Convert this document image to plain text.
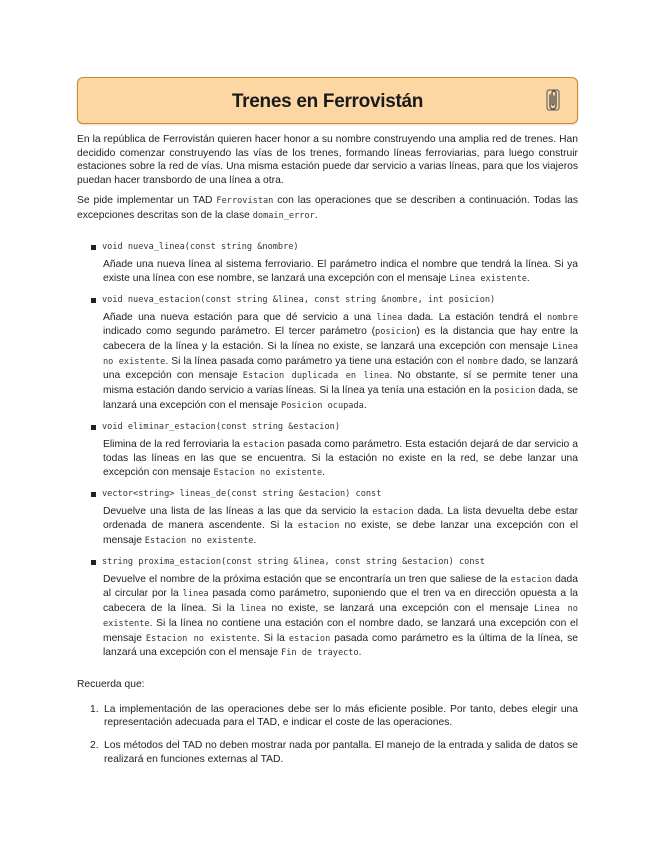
Trenes en Ferrovistán

En la república de Ferrovistán quieren hacer honor a su nombre construyendo una amplia red de trenes. Han decidido comenzar construyendo las vías de los trenes, formando líneas ferroviarias, para luego construir estaciones sobre la red de vías. Una misma estación puede dar servicio a varias líneas, para que los viajeros puedan hacer transbordo de una línea a otra.

Se pide implementar un TAD Ferrovistan con las operaciones que se describen a continuación. Todas las excepciones descritas son de la clase domain_error.

void nueva_linea(const string &nombre)

Añade una nueva línea al sistema ferroviario. El parámetro indica el nombre que tendrá la línea. Si ya existe una línea con ese nombre, se lanzará una excepción con el mensaje Linea existente.

void nueva_estacion(const string &linea, const string &nombre, int posicion)

Añade una nueva estación para que dé servicio a una linea dada. La estación tendrá el nombre indicado como segundo parámetro. El tercer parámetro (posicion) es la distancia que hay entre la cabecera de la línea y la estación. Si la línea no existe, se lanzará una excepción con mensaje Linea no existente. Si la línea pasada como parámetro ya tiene una estación con el nombre dado, se lanzará una excepción con mensaje Estacion duplicada en linea. No obstante, sí se permite tener una misma estación dando servicio a varias líneas. Si la línea ya tenía una estación en la posicion dada, se lanzará una excepción con el mensaje Posicion ocupada.

void eliminar_estacion(const string &estacion)

Elimina de la red ferroviaria la estacion pasada como parámetro. Esta estación dejará de dar servicio a todas las líneas en las que se encuentra. Si la estación no existe en la red, se debe lanzar una excepción con mensaje Estacion no existente.

vector<string> lineas_de(const string &estacion) const

Devuelve una lista de las líneas a las que da servicio la estacion dada. La lista devuelta debe estar ordenada de manera ascendente. Si la estacion no existe, se debe lanzar una excepción con el mensaje Estacion no existente.

string proxima_estacion(const string &linea, const string &estacion) const

Devuelve el nombre de la próxima estación que se encontraría un tren que saliese de la estacion dada al circular por la linea pasada como parámetro, suponiendo que el tren va en dirección opuesta a la cabecera de la línea. Si la linea no existe, se lanzará una excepción con el mensaje Linea no existente. Si la línea no contiene una estación con el nombre dado, se lanzará una excepción con el mensaje Estacion no existente. Si la estacion pasada como parámetro es la última de la línea, se lanzará una excepción con el mensaje Fin de trayecto.

Recuerda que:

1. La implementación de las operaciones debe ser lo más eficiente posible. Por tanto, debes elegir una representación adecuada para el TAD, e indicar el coste de las operaciones.

2. Los métodos del TAD no deben mostrar nada por pantalla. El manejo de la entrada y salida de datos se realizará en funciones externas al TAD.
